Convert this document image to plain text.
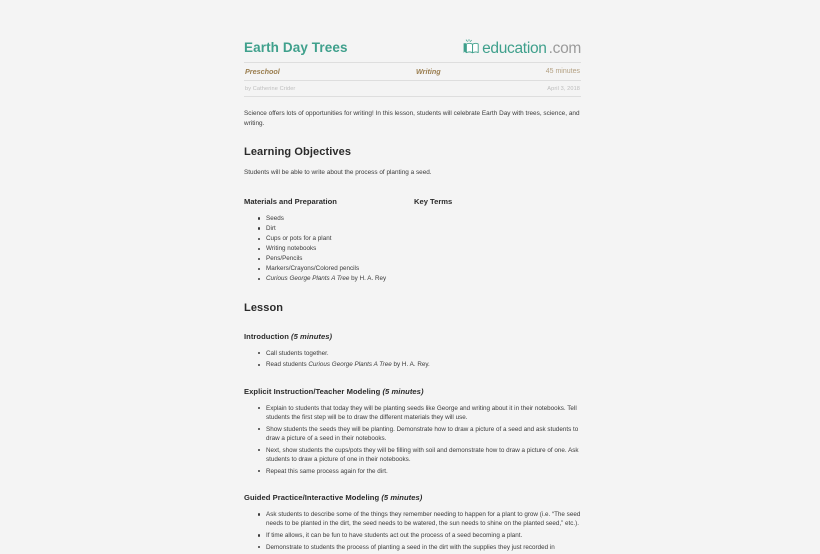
Earth Day Trees	education .com
Preschool	Writing	45 minutes
by Catherine Crider	April 3, 2018

Science offers lots of opportunities for writing! In this lesson, students will celebrate Earth Day with trees, science, and writing.

Learning Objectives

Students will be able to write about the process of planting a seed.

Materials and Preparation	Key Terms
Seeds
Dirt
Cups or pots for a plant
Writing notebooks
Pens/Pencils
Markers/Crayons/Colored pencils
Curious George Plants A Tree by H. A. Rey
Lesson
Introduction (5 minutes)
Call students together.
Read students Curious George Plants A Tree by H. A. Rey.
Explicit Instruction/Teacher Modeling (5 minutes)
Explain to students that today they will be planting seeds like George and writing about it in their notebooks. Tell students the first step will be to draw the different materials they will use.
Show students the seeds they will be planting. Demonstrate how to draw a picture of a seed and ask students to draw a picture of a seed in their notebooks.
Next, show students the cups/pots they will be filling with soil and demonstrate how to draw a picture of one. Ask students to draw a picture of one in their notebooks.
Repeat this same process again for the dirt.
Guided Practice/Interactive Modeling (5 minutes)
Ask students to describe some of the things they remember needing to happen for a plant to grow (i.e. “The seed needs to be planted in the dirt, the seed needs to be watered, the sun needs to shine on the planted seed,” etc.).
If time allows, it can be fun to have students act out the process of a seed becoming a plant.
Demonstrate to students the process of planting a seed in the dirt with the supplies they just recorded in
